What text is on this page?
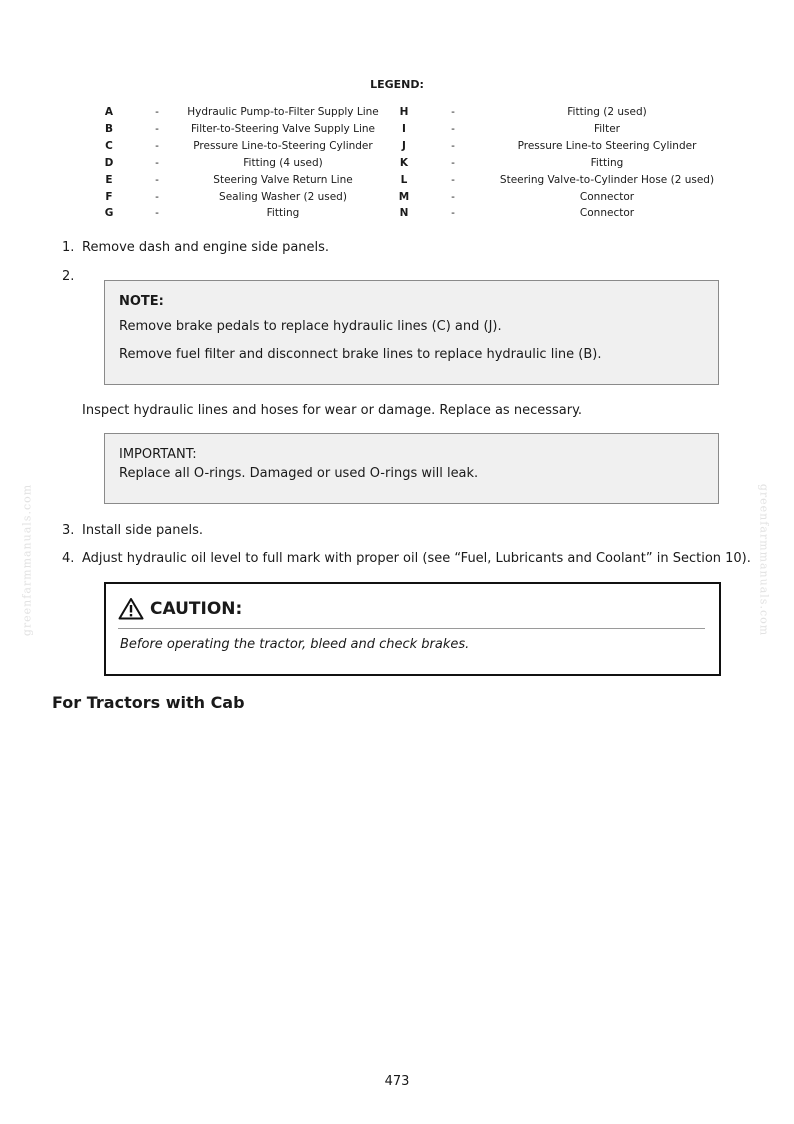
greenfarmmanuals.com	greenfarmmanuals.com
LEGEND:
A	-	Hydraulic Pump-to-Filter Supply Line	H	-	Fitting (2 used)
B	-	Filter-to-Steering Valve Supply Line	I	-	Filter
C	-	Pressure Line-to-Steering Cylinder	J	-	Pressure Line-to Steering Cylinder
D	-	Fitting (4 used)	K	-	Fitting
E	-	Steering Valve Return Line	L	-	Steering Valve-to-Cylinder Hose (2 used)
F	-	Sealing Washer (2 used)	M	-	Connector
G	-	Fitting	N	-	Connector
1. Remove dash and engine side panels.
2.
NOTE:
Remove brake pedals to replace hydraulic lines (C) and (J).
Remove fuel filter and disconnect brake lines to replace hydraulic line (B).
Inspect hydraulic lines and hoses for wear or damage. Replace as necessary.
IMPORTANT:
Replace all O-rings. Damaged or used O-rings will leak.
3. Install side panels.
4. Adjust hydraulic oil level to full mark with proper oil (see “Fuel, Lubricants and Coolant” in Section 10).
CAUTION:
Before operating the tractor, bleed and check brakes.
For Tractors with Cab
473
